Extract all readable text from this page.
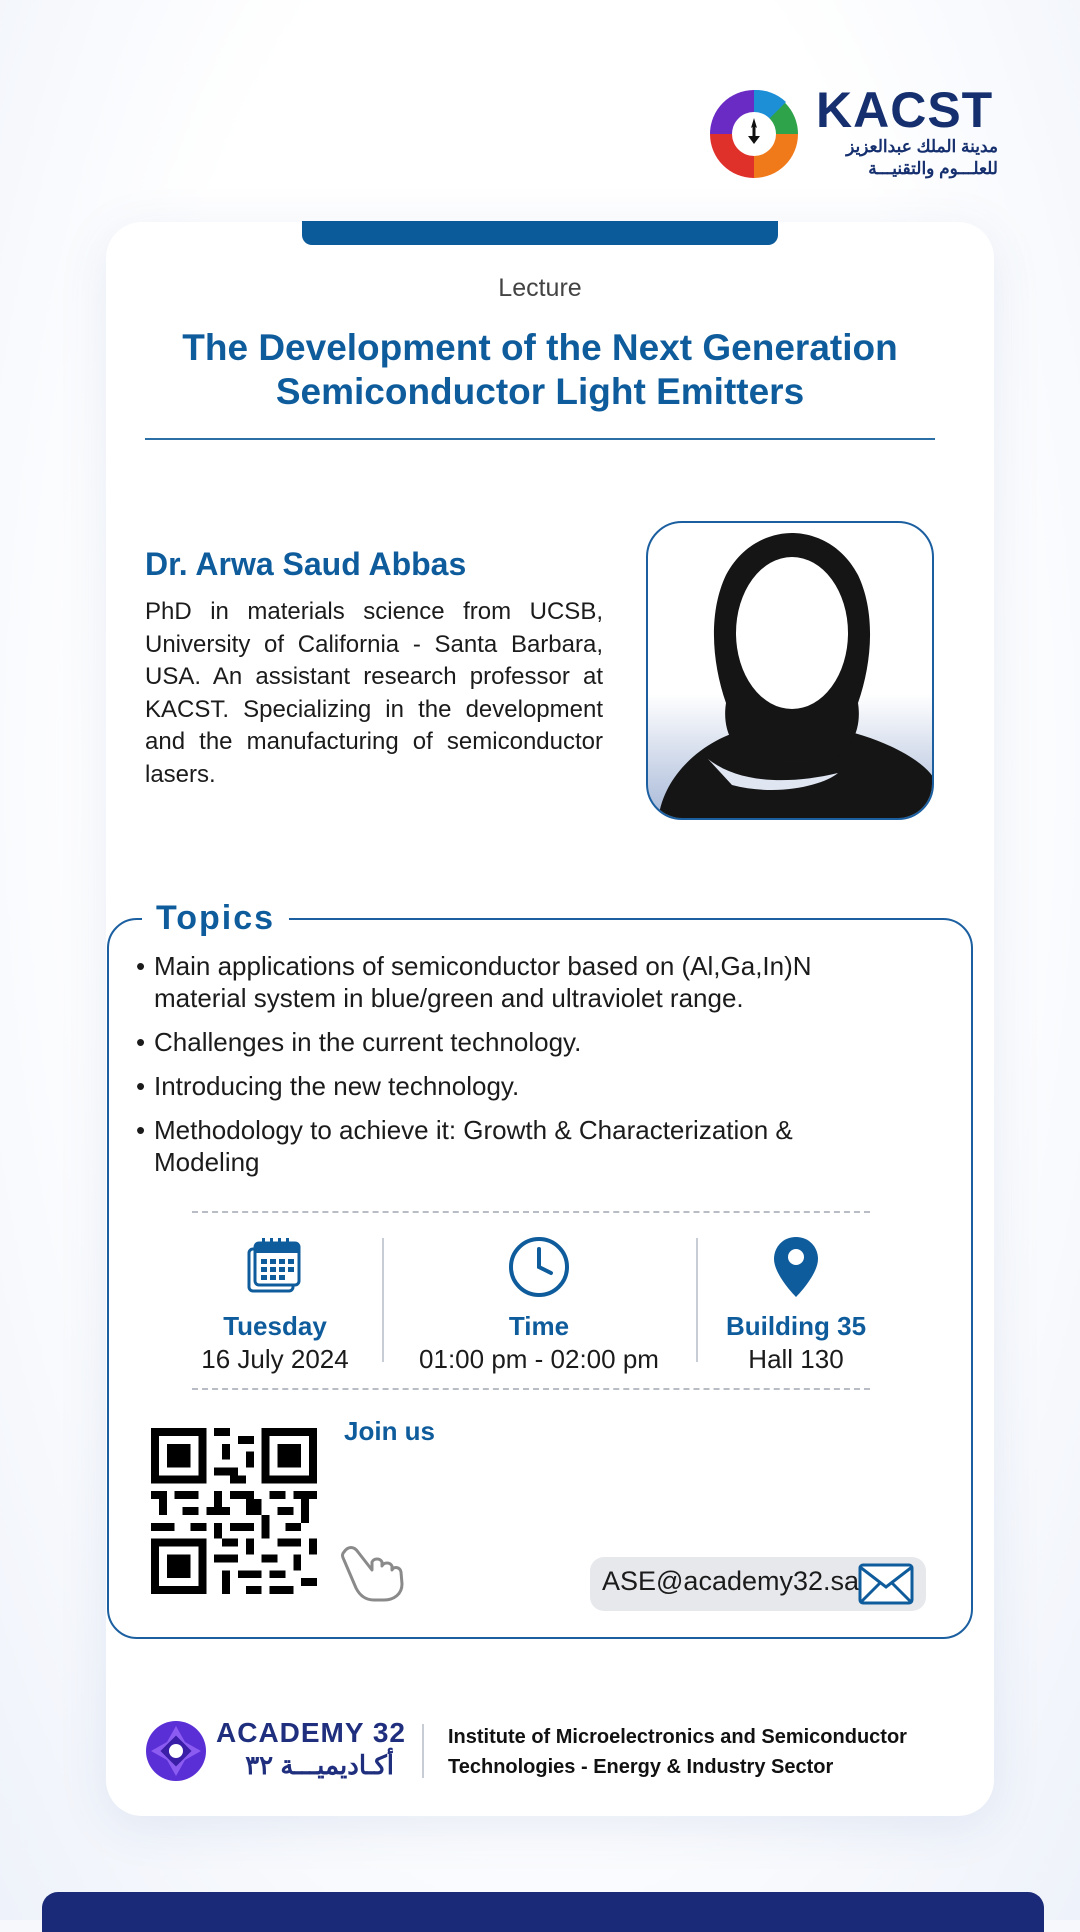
KACST
مدينة الملك عبدالعزيز
للعلـــوم والتقنيـــة
Lecture
The Development of the Next Generation
Semiconductor Light Emitters
Dr. Arwa Saud Abbas
PhD in materials science from UCSB, University of California - Santa Barbara, USA. An assistant research professor at KACST. Specializing in the development and the manufacturing of semiconductor lasers.
Topics
• Main applications of semiconductor based on (Al,Ga,In)N material system in blue/green and ultraviolet range.
• Challenges in the current technology.
• Introducing the new technology.
• Methodology to achieve it: Growth & Characterization & Modeling
Tuesday
16 July 2024
Time
01:00 pm - 02:00 pm
Building 35
Hall 130
Join us
ASE@academy32.sa
ACADEMY 32
أكـاديميـــة ٣٢
Institute of Microelectronics and Semiconductor
Technologies - Energy & Industry Sector
